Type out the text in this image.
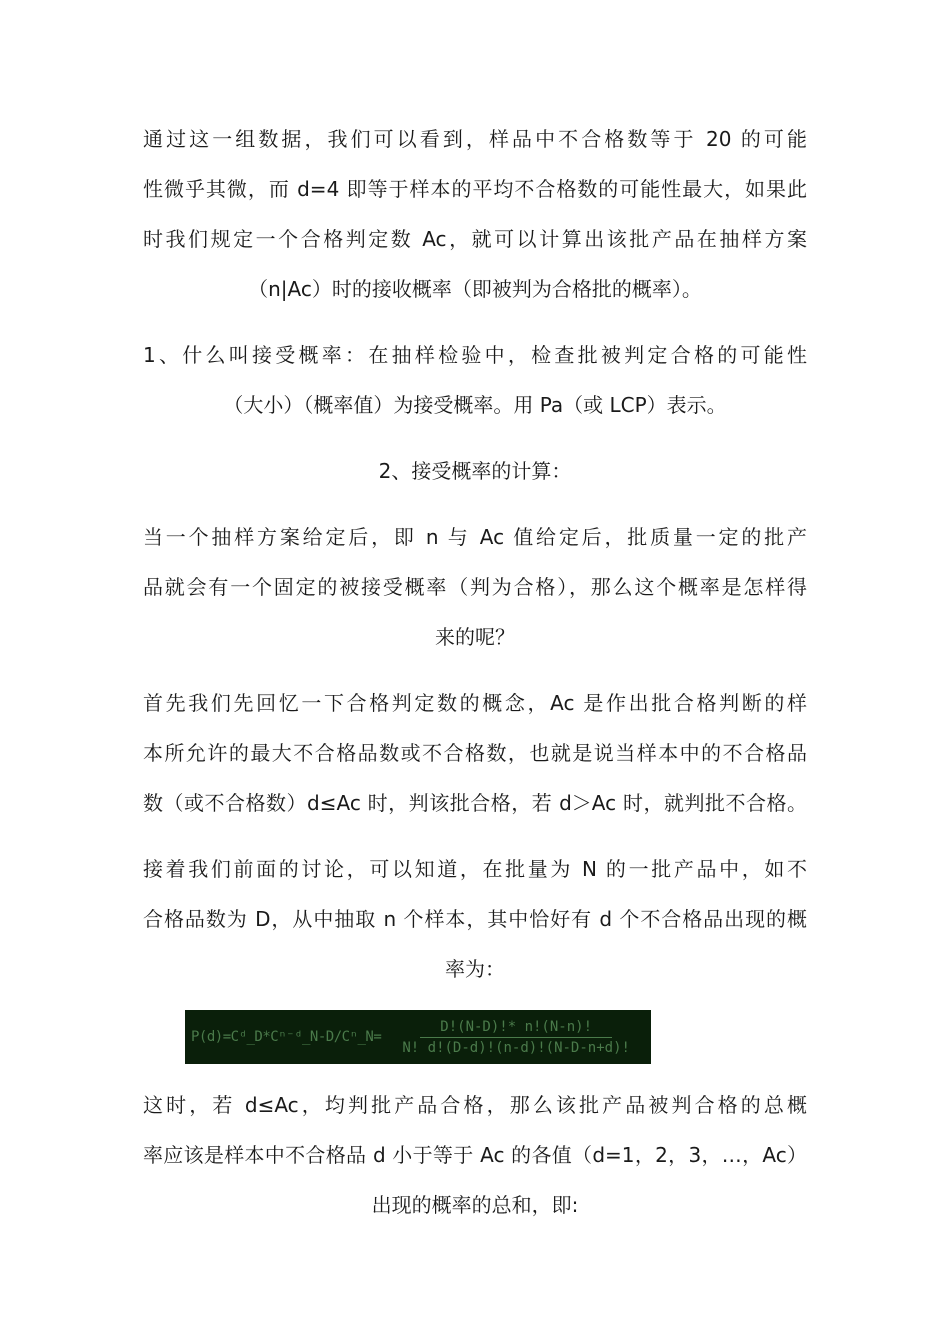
通过这一组数据，我们可以看到，样品中不合格数等于 20 的可能
性微乎其微，而 d=4 即等于样本的平均不合格数的可能性最大，如果此
时我们规定一个合格判定数 Ac，就可以计算出该批产品在抽样方案
（n|Ac）时的接收概率（即被判为合格批的概率）。

1、什么叫接受概率：在抽样检验中，检查批被判定合格的可能性
（大小）（概率值）为接受概率。用 Pa（或 LCP）表示。

2、接受概率的计算：

当一个抽样方案给定后，即 n 与 Ac 值给定后，批质量一定的批产
品就会有一个固定的被接受概率（判为合格），那么这个概率是怎样得
来的呢？

首先我们先回忆一下合格判定数的概念，Ac 是作出批合格判断的样
本所允许的最大不合格品数或不合格数，也就是说当样本中的不合格品
数（或不合格数）d≤Ac 时，判该批合格，若 d＞Ac 时，就判批不合格。

接着我们前面的讨论，可以知道，在批量为 N 的一批产品中，如不
合格品数为 D，从中抽取 n 个样本，其中恰好有 d 个不合格品出现的概
率为：

P(d)=Cᵈ_D*Cⁿ⁻ᵈ_N-D/Cⁿ_N= $\frac{D!(N-D)!* n!(N-n)!}{N! d!(D-d)!(n-d)!(N-D-n+d)!}$

这时，若 d≤Ac，均判批产品合格，那么该批产品被判合格的总概
率应该是样本中不合格品 d 小于等于 Ac 的各值（d=1，2，3，…，Ac）
出现的概率的总和，即:
